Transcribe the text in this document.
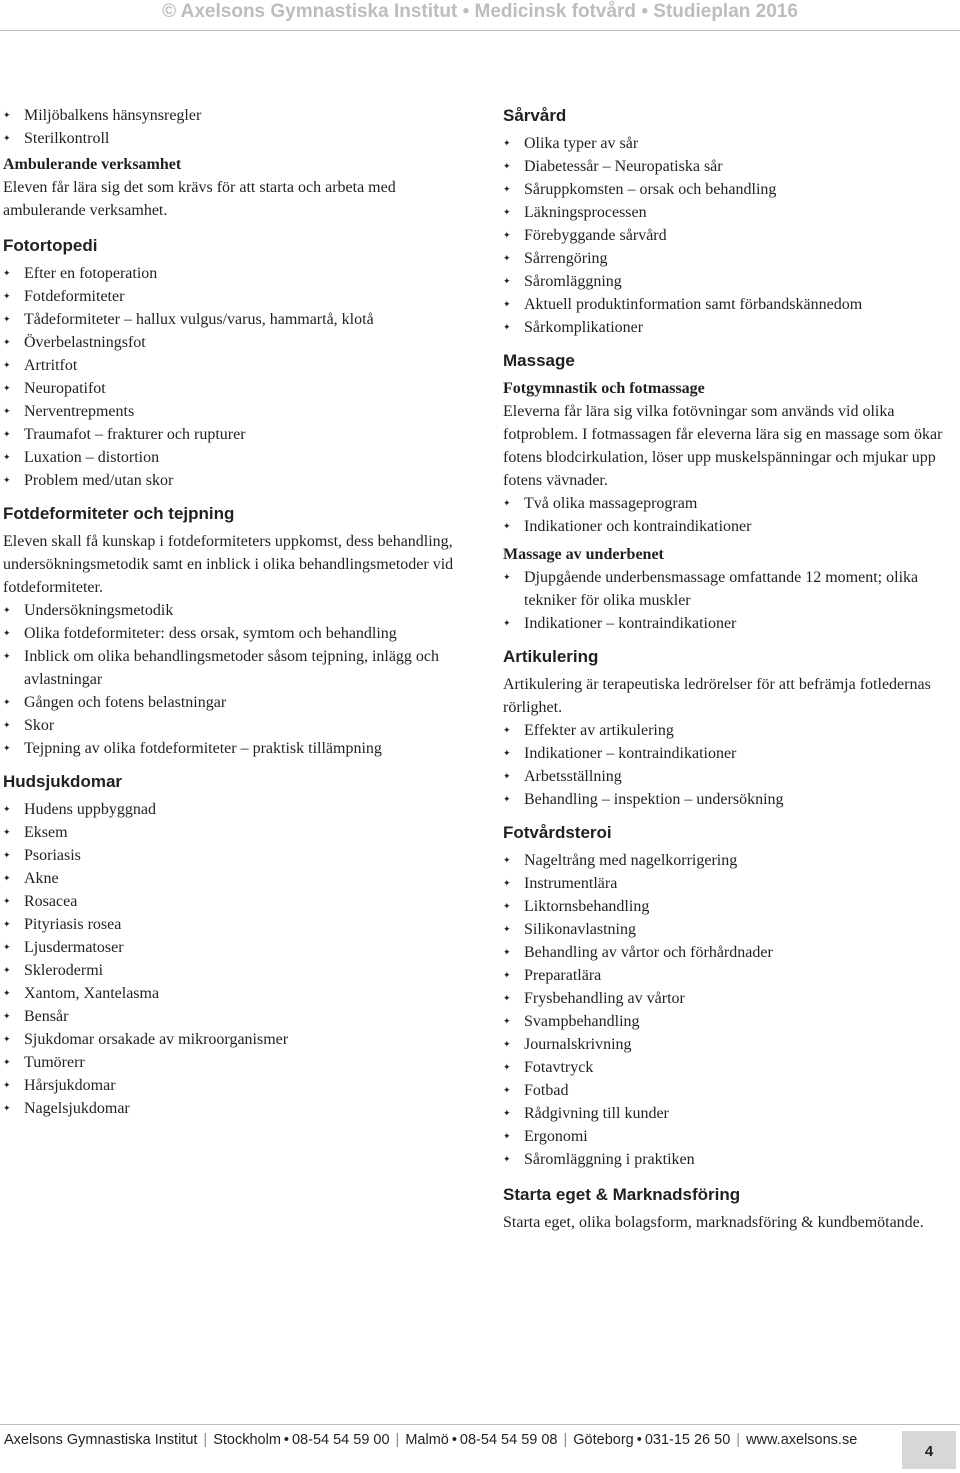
© Axelsons Gymnastiska Institut • Medicinsk fotvård • Studieplan 2016
✦ Miljöbalkens hänsynsregler
✦ Sterilkontroll
Ambulerande verksamhet
Eleven får lära sig det som krävs för att starta och arbeta med ambulerande verksamhet.
Fotortopedi
✦ Efter en fotoperation
✦ Fotdeformiteter
✦ Tådeformiteter – hallux vulgus/varus, hammartå, klotå
✦ Överbelastningsfot
✦ Artritfot
✦ Neuropatifot
✦ Nerventrepments
✦ Traumafot – frakturer och rupturer
✦ Luxation – distortion
✦ Problem med/utan skor
Fotdeformiteter och tejpning
Eleven skall få kunskap i fotdeformiteters uppkomst, dess behandling, undersökningsmetodik samt en inblick i olika behandlingsmetoder vid fotdeformiteter.
✦ Undersökningsmetodik
✦ Olika fotdeformiteter: dess orsak, symtom och behandling
✦ Inblick om olika behandlingsmetoder såsom tejpning, inlägg och avlastningar
✦ Gången och fotens belastningar
✦ Skor
✦ Tejpning av olika fotdeformiteter – praktisk tillämpning
Hudsjukdomar
✦ Hudens uppbyggnad
✦ Eksem
✦ Psoriasis
✦ Akne
✦ Rosacea
✦ Pityriasis rosea
✦ Ljusdermatoser
✦ Sklerodermi
✦ Xantom, Xantelasma
✦ Bensår
✦ Sjukdomar orsakade av mikroorganismer
✦ Tumörerr
✦ Hårsjukdomar
✦ Nagelsjukdomar
Sårvård
✦ Olika typer av sår
✦ Diabetessår – Neuropatiska sår
✦ Såruppkomsten – orsak och behandling
✦ Läkningsprocessen
✦ Förebyggande sårvård
✦ Sårrengöring
✦ Såromläggning
✦ Aktuell produktinformation samt förbandskännedom
✦ Sårkomplikationer
Massage
Fotgymnastik och fotmassage
Eleverna får lära sig vilka fotövningar som används vid olika fotproblem. I fotmassagen får eleverna lära sig en massage som ökar fotens blodcirkulation, löser upp muskelspänningar och mjukar upp fotens vävnader.
✦ Två olika massageprogram
✦ Indikationer och kontraindikationer
Massage av underbenet
✦ Djupgående underbensmassage omfattande 12 moment; olika tekniker för olika muskler
✦ Indikationer – kontraindikationer
Artikulering
Artikulering är terapeutiska ledrörelser för att befrämja fotledernas rörlighet.
✦ Effekter av artikulering
✦ Indikationer – kontraindikationer
✦ Arbetsställning
✦ Behandling – inspektion – undersökning
Fotvårdsteroi
✦ Nageltrång med nagelkorrigering
✦ Instrumentlära
✦ Liktornsbehandling
✦ Silikonavlastning
✦ Behandling av vårtor och förhårdnader
✦ Preparatlära
✦ Frysbehandling av vårtor
✦ Svampbehandling
✦ Journalskrivning
✦ Fotavtryck
✦ Fotbad
✦ Rådgivning till kunder
✦ Ergonomi
✦ Såromläggning i praktiken
Starta eget & Marknadsföring
Starta eget, olika bolagsform, marknadsföring & kundbemötande.
Axelsons Gymnastiska Institut | Stockholm • 08-54 54 59 00 | Malmö • 08-54 54 59 08 | Göteborg • 031-15 26 50 | www.axelsons.se
4
